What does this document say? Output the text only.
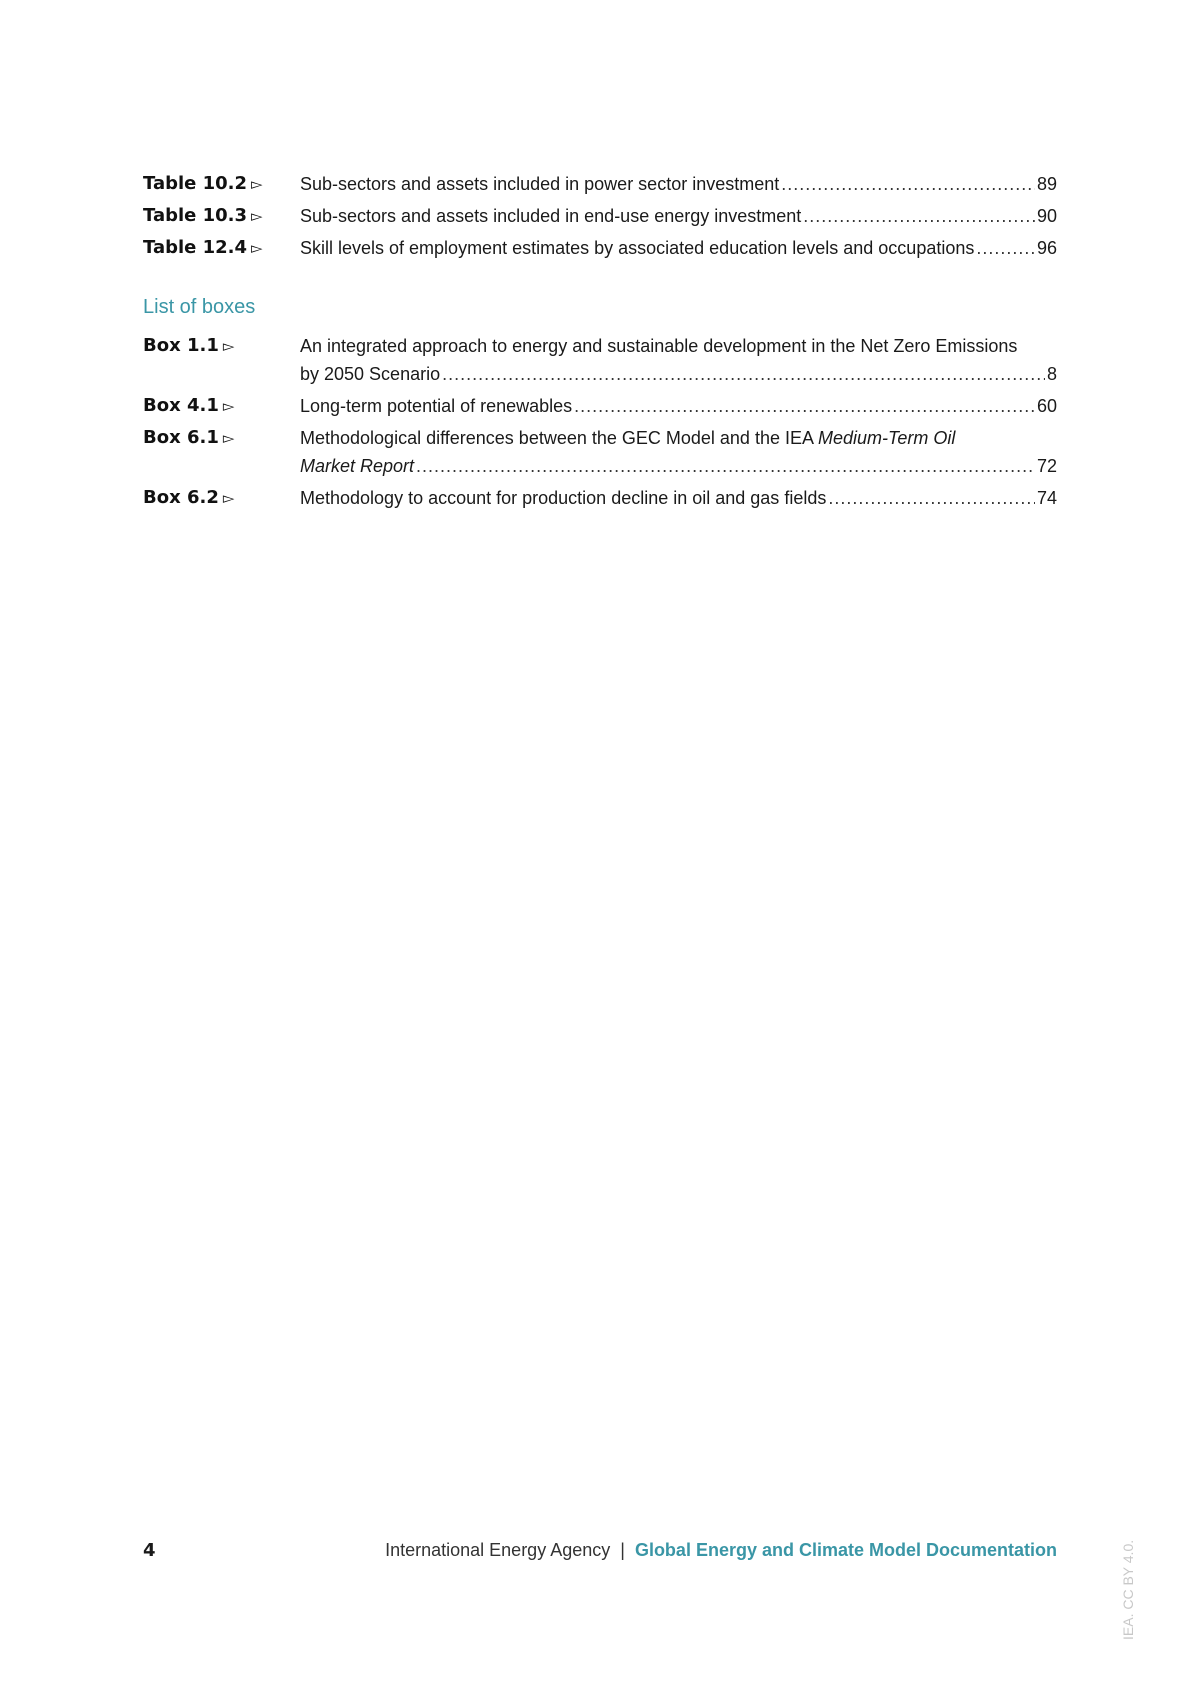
Table 10.2 ▻	Sub-sectors and assets included in power sector investment .....	89
Table 10.3 ▻	Sub-sectors and assets included in end-use energy investment .....	90
Table 12.4 ▻	Skill levels of employment estimates by associated education levels and occupations .....	96
List of boxes
Box 1.1 ▻	An integrated approach to energy and sustainable development in the Net Zero Emissions
by 2050 Scenario .....	8
Box 4.1 ▻	Long-term potential of renewables .....	60
Box 6.1 ▻	Methodological differences between the GEC Model and the IEA Medium-Term Oil
Market Report .....	72
Box 6.2 ▻	Methodology to account for production decline in oil and gas fields .....	74
4	International Energy Agency | Global Energy and Climate Model Documentation	IEA. CC BY 4.0.
